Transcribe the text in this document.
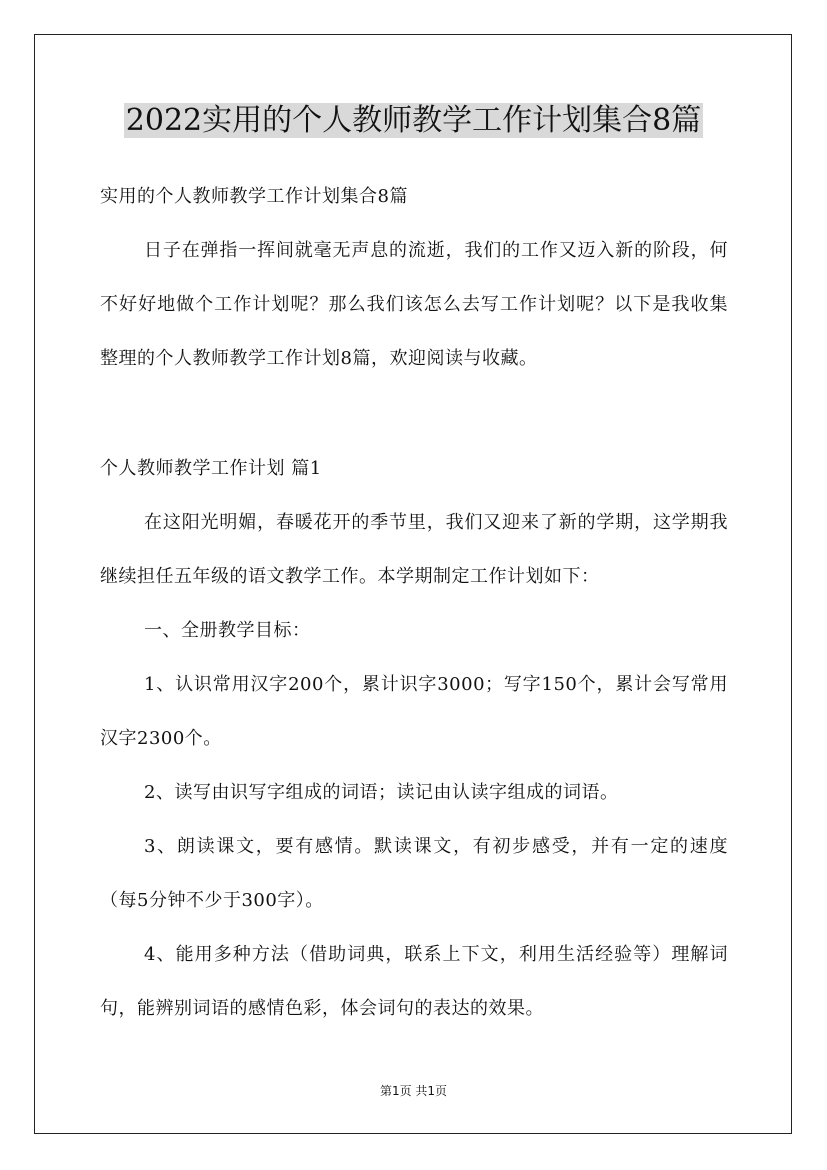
2022实用的个人教师教学工作计划集合8篇

实用的个人教师教学工作计划集合8篇

日子在弹指一挥间就毫无声息的流逝，我们的工作又迈入新的阶段，何不好好地做个工作计划呢？那么我们该怎么去写工作计划呢？以下是我收集整理的个人教师教学工作计划8篇，欢迎阅读与收藏。

个人教师教学工作计划 篇1

在这阳光明媚，春暖花开的季节里，我们又迎来了新的学期，这学期我继续担任五年级的语文教学工作。本学期制定工作计划如下：

一、全册教学目标：

1、认识常用汉字200个，累计识字3000；写字150个，累计会写常用汉字2300个。

2、读写由识写字组成的词语；读记由认读字组成的词语。

3、朗读课文，要有感情。默读课文，有初步感受，并有一定的速度（每5分钟不少于300字）。

4、能用多种方法（借助词典，联系上下文，利用生活经验等）理解词句，能辨别词语的感情色彩，体会词句的表达的效果。

第1页 共1页
